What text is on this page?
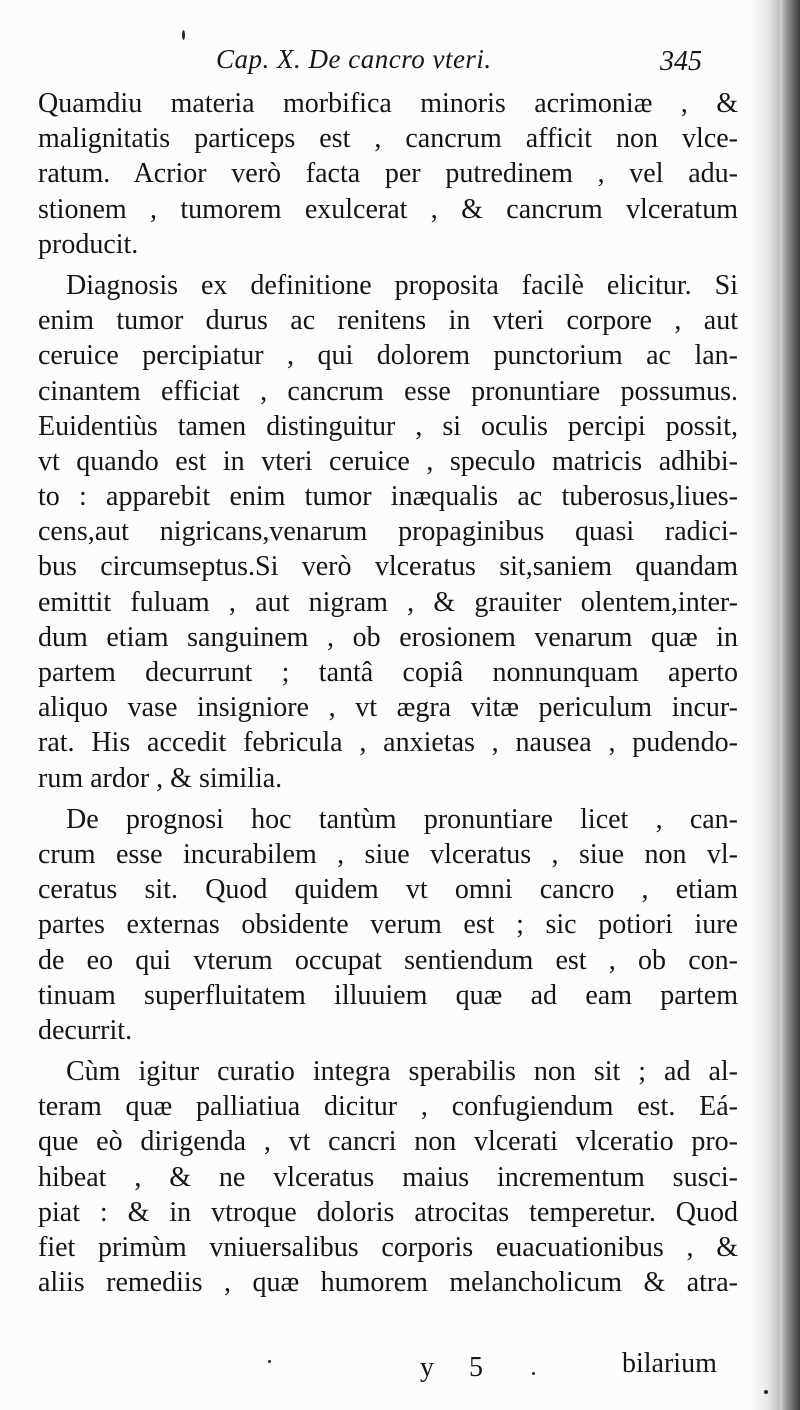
Cap. X. De cancro vteri.	345
Quamdiu materia morbifica minoris acrimoniæ , &
malignitatis particeps est , cancrum afficit non vlce-
ratum. Acrior verò facta per putredinem , vel adu-
stionem , tumorem exulcerat , & cancrum vlceratum
producit.
Diagnosis ex definitione proposita facilè elicitur. Si
enim tumor durus ac renitens in vteri corpore , aut
ceruice percipiatur , qui dolorem punctorium ac lan-
cinantem efficiat , cancrum esse pronuntiare possumus.
Euidentiùs tamen distinguitur , si oculis percipi possit,
vt quando est in vteri ceruice , speculo matricis adhibi-
to : apparebit enim tumor inæqualis ac tuberosus,liues-
cens,aut nigricans,venarum propaginibus quasi radici-
bus circumseptus.Si verò vlceratus sit,saniem quandam
emittit fuluam , aut nigram , & grauiter olentem,inter-
dum etiam sanguinem , ob erosionem venarum quæ in
partem decurrunt ; tantâ copiâ nonnunquam aperto
aliquo vase insigniore , vt ægra vitæ periculum incur-
rat. His accedit febricula , anxietas , nausea , pudendo-
rum ardor , & similia.
De prognosi hoc tantùm pronuntiare licet , can-
crum esse incurabilem , siue vlceratus , siue non vl-
ceratus sit. Quod quidem vt omni cancro , etiam
partes externas obsidente verum est ; sic potiori iure
de eo qui vterum occupat sentiendum est , ob con-
tinuam superfluitatem illuuiem quæ ad eam partem
decurrit.
Cùm igitur curatio integra sperabilis non sit ; ad al-
teram quæ palliatiua dicitur , confugiendum est. Eá-
que eò dirigenda , vt cancri non vlcerati vlceratio pro-
hibeat , & ne vlceratus maius incrementum susci-
piat : & in vtroque doloris atrocitas temperetur. Quod
fiet primùm vniuersalibus corporis euacuationibus , &
aliis remediis , quæ humorem melancholicum & atra-
y 5	bilarium
